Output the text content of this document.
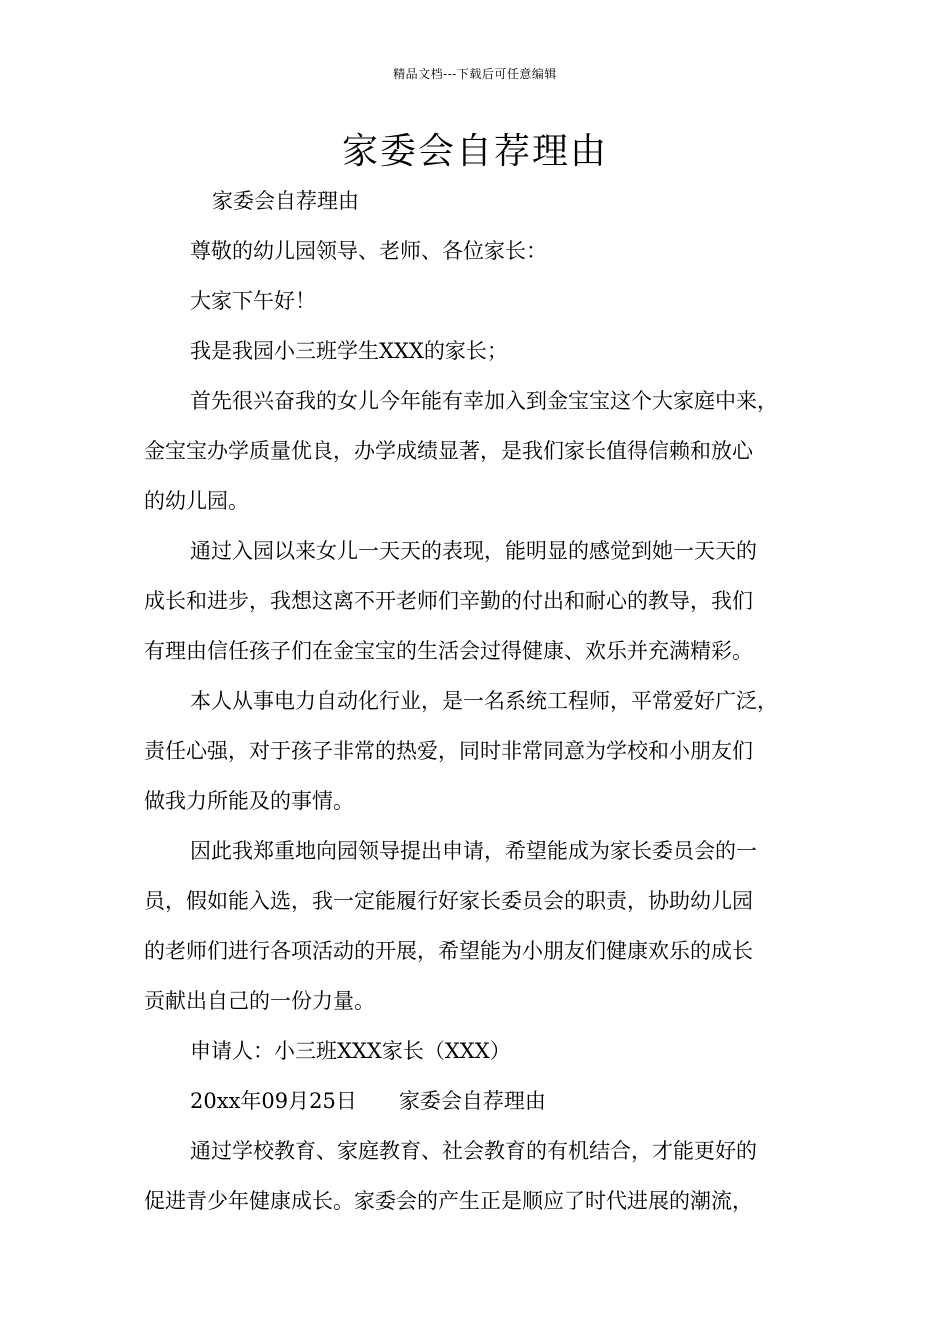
精品文档---下载后可任意编辑
家委会自荐理由
家委会自荐理由
尊敬的幼儿园领导、老师、各位家长：
大家下午好！
我是我园小三班学生XXX的家长；
首先很兴奋我的女儿今年能有幸加入到金宝宝这个大家庭中来，
金宝宝办学质量优良，办学成绩显著，是我们家长值得信赖和放心
的幼儿园。
通过入园以来女儿一天天的表现，能明显的感觉到她一天天的
成长和进步，我想这离不开老师们辛勤的付出和耐心的教导，我们
有理由信任孩子们在金宝宝的生活会过得健康、欢乐并充满精彩。
本人从事电力自动化行业，是一名系统工程师，平常爱好广泛，
责任心强，对于孩子非常的热爱，同时非常同意为学校和小朋友们
做我力所能及的事情。
因此我郑重地向园领导提出申请，希望能成为家长委员会的一
员，假如能入选，我一定能履行好家长委员会的职责，协助幼儿园
的老师们进行各项活动的开展，希望能为小朋友们健康欢乐的成长
贡献出自己的一份力量。
申请人：小三班XXX家长（XXX）
20xx年09月25日　　家委会自荐理由
通过学校教育、家庭教育、社会教育的有机结合，才能更好的
促进青少年健康成长。家委会的产生正是顺应了时代进展的潮流，
